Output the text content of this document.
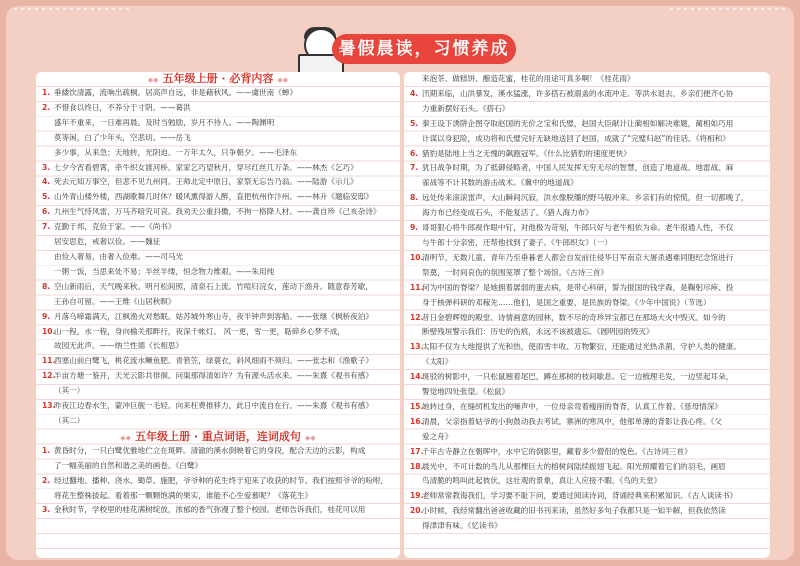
暑假晨读，习惯养成
◆◆ 五年级上册 · 必背内容 ◆◆
1. 垂緌饮清露，流响出疏桐。居高声自远，非是藉秋风。——虞世南《蝉》
2. 不惜食以终日，不养分于寸阴。——葛洪
盛年不重来，一日难再晨。及时当勉励，岁月不待人。——陶渊明
莫等闲，白了少年头，空悲切。——岳飞
多少事，从来急；天地转，光阴迫。一万年太久，只争朝夕。——毛泽东
3. 七夕今宵看碧霄，牵牛织女渡河桥。家家乞巧望秋月，穿尽红丝几万条。——林杰《乞巧》
4. 死去元知万事空，但悲不见九州同。王师北定中原日，家祭无忘告乃翁。——陆游《示儿》
5. 山外青山楼外楼，西湖歌舞几时休？暖风熏得游人醉，直把杭州作汴州。——林升《题临安邸》
6. 九州生气恃风雷，万马齐喑究可哀。我劝天公重抖擞，不拘一格降人材。——龚自珍《己亥杂诗》
7. 克勤于邦，克俭于家。——《尚书》
居安思危，戒奢以俭。——魏征
由俭入奢易，由奢入俭难。——司马光
一粥一饭，当思来处不易；半丝半缕，恒念物力维艰。——朱用纯
8. 空山新雨后，天气晚来秋。明月松间照，清泉石上流。竹喧归浣女，莲动下渔舟。随意春芳歇，
王孙自可留。——王维《山居秋暝》
9. 月落乌啼霜满天，江枫渔火对愁眠。姑苏城外寒山寺，夜半钟声到客船。——张继《枫桥夜泊》
10.
山一程，水一程，身向榆关那畔行，夜深千帐灯。 风一更，雪一更，聒碎乡心梦不成，
故园无此声。——纳兰性德《长相思》
11.
西塞山前白鹭飞，桃花流水鳜鱼肥。青箬笠，绿蓑衣，斜风细雨不须归。——张志和《渔歌子》
12.
半亩方塘一鉴开，天光云影共徘徊。问渠那得清如许？为有源头活水来。——朱熹《观书有感》
（其一）
13.
昨夜江边春水生，蒙冲巨舰一毛轻。向来枉费推移力，此日中流自在行。——朱熹《观书有感》
（其二）
◆◆ 五年级上册 · 重点词语，连词成句 ◆◆
1. 黄昏时分，一只白鹭优雅地伫立在斑畔。清澈的溪水倒映着它的身段，配合天边的云影，构成
了一幅美丽的自然和谐之美的画卷。《白鹭》
2. 经过翻地、播种、浇水、锄草、施肥，爷爷种的花生终于迎来了收获的时节。我们按照爷爷的吩咐，
将花生整株拔起。看着那一颗颗饱满的果实，谁能不心生爱慕呢？《落花生》
3. 金秋时节，学校里的桂花满树绽放，浓郁的香气弥漫了整个校园。老师告诉我们，桂花可以用
来泡茶、做糕饼、酿造花蜜，桂花的用途可真多啊！《桂花雨》
4. 汛期来临，山洪暴发，溪水猛涨，许多搭石被溺盖的水流冲走。等洪水退去，乡亲们便齐心协
力重新摆好石头。《搭石》
5. 秦王设下诱阱企图夺取赵国的无价之宝和氏璧，赵国大臣献计让蔺相如解决难题，蔺相如巧用
计谋以身犯险，成功将和氏璧完好无缺地送回了赵国，成就了“完璧归赵”的佳话。《将相和》
6. 猎豹是陆地上当之无愧的飙跑冠军。《什么比猎豹的速度更快》
7. 犹日战争时期，为了抵御侵略者，中国人民发挥无穷无尽的智慧，创造了地道战、地雷战、麻
雀战等不计其数的游击战术。《冀中的地道战》
8. 远处传来滚滚雷声，大山瞬间沉寂，洪水像脱缰的野马般冲来。乡亲们有的惊慌，但一切都晚了，
海力布已经变成石头，不能复活了。《猎人海力布》
9. 哥哥狠心将牛郎视作眼中钉，对他极为苛刻，牛郎只好与老牛相依为命。老牛很通人性，不仅
与牛郎十分亲密，还帮他找到了妻子。《牛郎织女》（一）
10.
清明节，无数儿童、青年乃至垂暮老人都会自发前往侵华日军南京大屠杀遇难同胞纪念馆进行
祭奠，一时间哀伤的氛围笼罩了整个场馆。《古诗三首》
11.
何为中国的脊梁？是她拥着孱弱的蛋去病，是带心科研，誓为报国的钱学森，是鞠躬尽瘁、投
身于核弹科研的邓稼先……他们，是国之重要，是民族的脊梁。《少年中国说》（节选）
12.
昔日金碧辉煌的殿堂、诗情画意的园林，数不尽的奇珍异宝都已在那场大火中毁灭。如今的
断壁残垣警示我们：历史的伤痕，永远不该被遗忘。《圆明园的毁灭》
13.
太阳不仅为大地提供了光和热，使雨雪丰收、万物繁衍，还能通过光热杀菌，守护人类的健康。
《太阳》
14.
斑驳的树影中，一只松鼠翘着尾巴，蹲在那树的枝间歇息。它一边梳理毛发，一边竖起耳朵，
警觉地四处张望。《松鼠》
15.
她转过身，在缝纫机发出的噪声中，一位母亲弯着瘦削的脊背，认真工作着。《慈母情深》
16.
清晨，父亲指着姑爷的小狗鼓动我去考试。寨洲的寒风中，他那单薄的背影让我心疼。《父
爱之舟》
17.
千年古寺静立在朝晖中，水中它的倒影里，藏着多少僧侣的悦色。《古诗词三首》
18.
晨光中，不可计数的鸟儿从那棵巨大的榕树间陆续振翅飞起。阳光照耀着它们的羽毛，画眉
鸟清脆的鸣叫此起彼伏，这壮观的景象，真让人应接不暇。《鸟的天堂》
19.
老师常常教诲我们，学习要不耻下问，要通过阅读诗词，背诵经典来积累知识。《古人谈读书》
20.
小时候，我经常翻出爸爸收藏的旧书刊来读，虽然好多句子我都只是一知半解，但我依然读
得津津有味。《忆读书》
